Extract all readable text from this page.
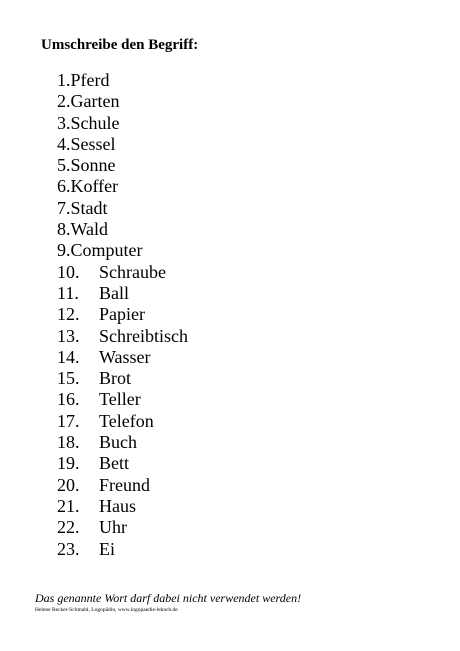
Umschreibe den Begriff:
1.Pferd
2.Garten
3.Schule
4.Sessel
5.Sonne
6.Koffer
7.Stadt
8.Wald
9.Computer
10. Schraube
11. Ball
12. Papier
13. Schreibtisch
14. Wasser
15. Brot
16. Teller
17. Telefon
18. Buch
19. Bett
20. Freund
21. Haus
22. Uhr
23. Ei

Das genannte Wort darf dabei nicht verwendet werden!

Helene Becker-Schmahl, Logopädin, www.logopaedie-lebach.de
